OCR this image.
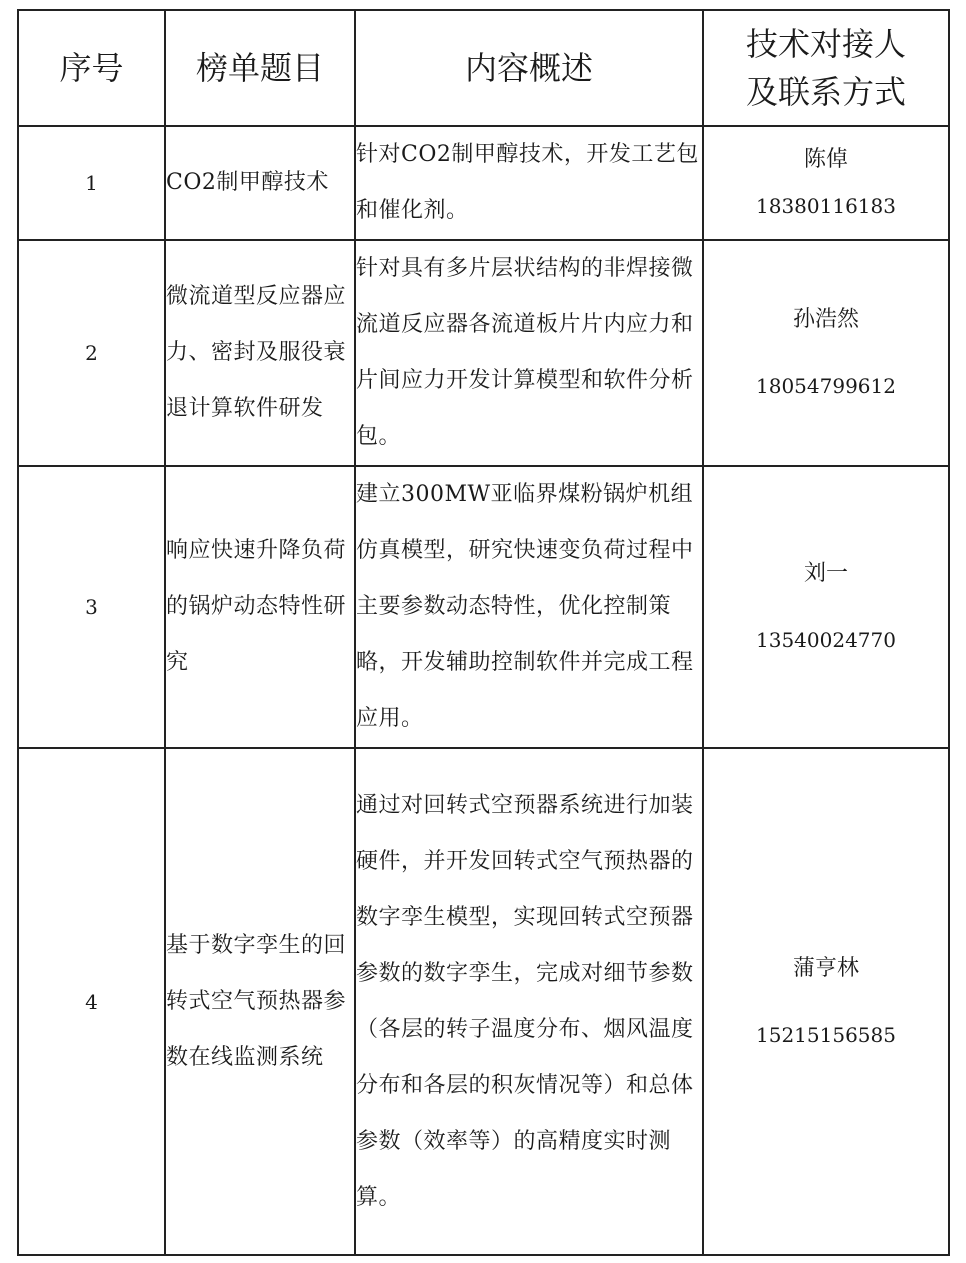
序号	榜单题目	内容概述	技术对接人
及联系方式

1	CO2制甲醇技术	针对CO2制甲醇技术，开发工艺包和催化剂。	陈倬
18380116183

2	微流道型反应器应力、密封及服役衰退计算软件研发	针对具有多片层状结构的非焊接微流道反应器各流道板片片内应力和片间应力开发计算模型和软件分析包。	孙浩然
18054799612

3	响应快速升降负荷的锅炉动态特性研究	建立300MW亚临界煤粉锅炉机组仿真模型，研究快速变负荷过程中主要参数动态特性，优化控制策略，开发辅助控制软件并完成工程应用。	刘一
13540024770

4	基于数字孪生的回转式空气预热器参数在线监测系统	通过对回转式空预器系统进行加装硬件，并开发回转式空气预热器的数字孪生模型，实现回转式空预器参数的数字孪生，完成对细节参数（各层的转子温度分布、烟风温度分布和各层的积灰情况等）和总体参数（效率等）的高精度实时测算。	蒲亨林
15215156585
